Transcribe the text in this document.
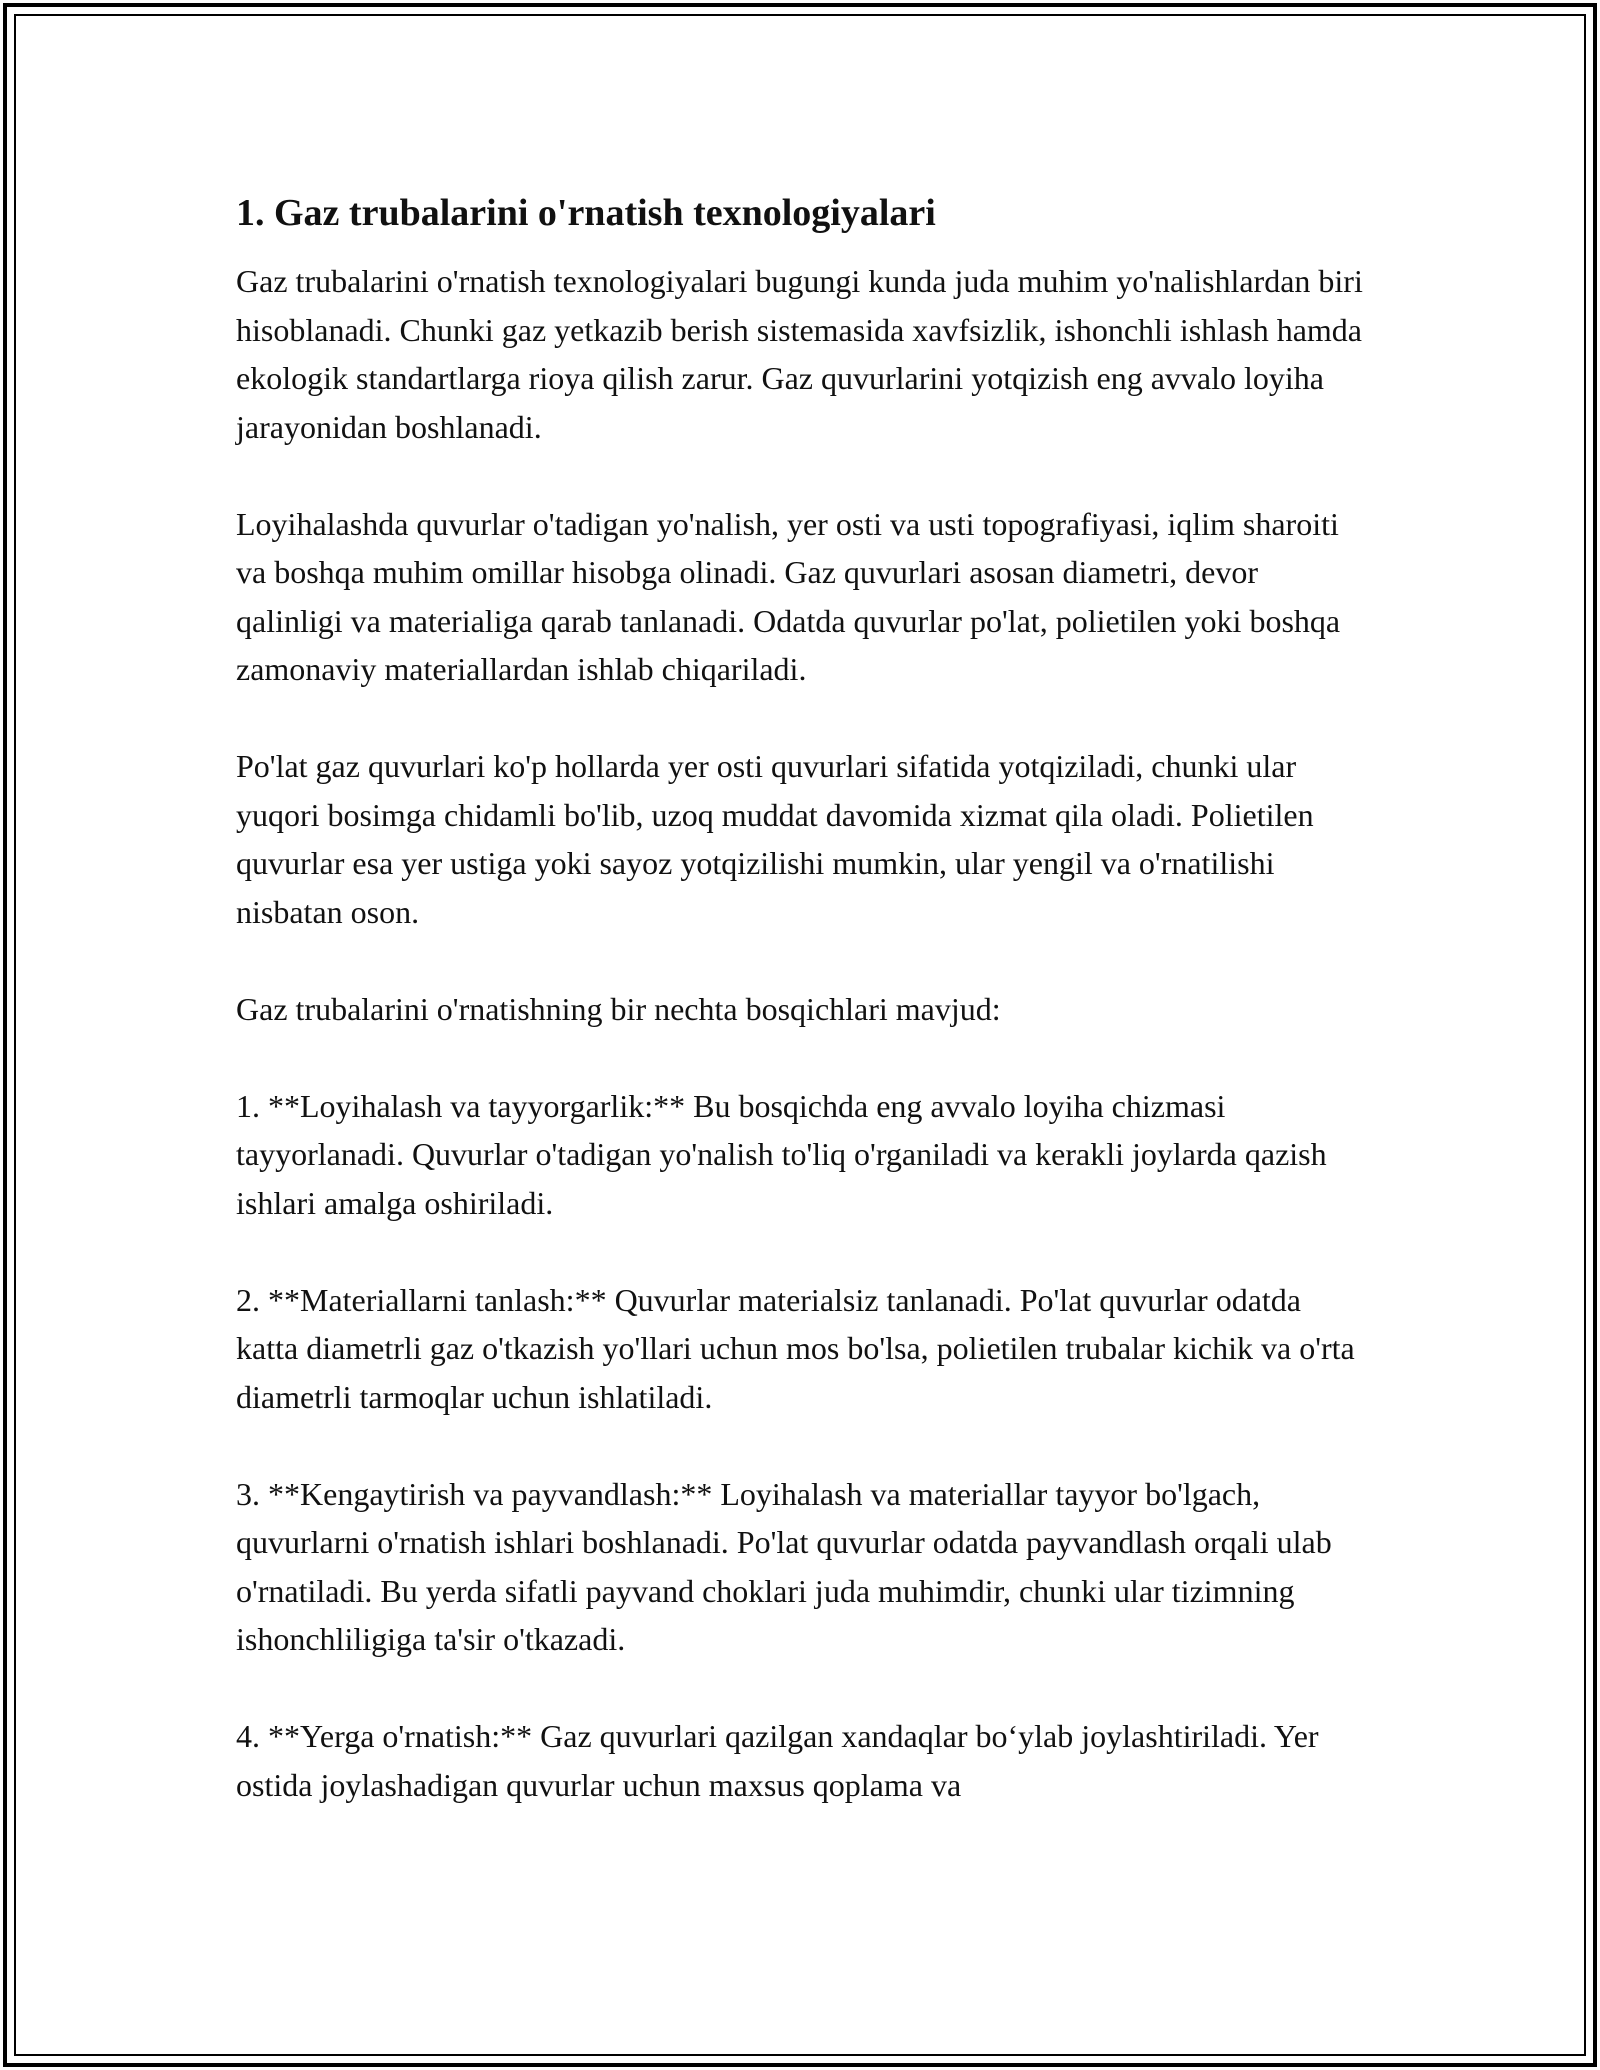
1. Gaz trubalarini o'rnatish texnologiyalari

Gaz trubalarini o'rnatish texnologiyalari bugungi kunda juda muhim yo'nalishlardan biri hisoblanadi. Chunki gaz yetkazib berish sistemasida xavfsizlik, ishonchli ishlash hamda ekologik standartlarga rioya qilish zarur. Gaz quvurlarini yotqizish eng avvalo loyiha jarayonidan boshlanadi.

Loyihalashda quvurlar o'tadigan yo'nalish, yer osti va usti topografiyasi, iqlim sharoiti va boshqa muhim omillar hisobga olinadi. Gaz quvurlari asosan diametri, devor qalinligi va materialiga qarab tanlanadi. Odatda quvurlar po'lat, polietilen yoki boshqa zamonaviy materiallardan ishlab chiqariladi.

Po'lat gaz quvurlari ko'p hollarda yer osti quvurlari sifatida yotqiziladi, chunki ular yuqori bosimga chidamli bo'lib, uzoq muddat davomida xizmat qila oladi. Polietilen quvurlar esa yer ustiga yoki sayoz yotqizilishi mumkin, ular yengil va o'rnatilishi nisbatan oson.

Gaz trubalarini o'rnatishning bir nechta bosqichlari mavjud:

1. **Loyihalash va tayyorgarlik:** Bu bosqichda eng avvalo loyiha chizmasi tayyorlanadi. Quvurlar o'tadigan yo'nalish to'liq o'rganiladi va kerakli joylarda qazish ishlari amalga oshiriladi.

2. **Materiallarni tanlash:** Quvurlar materialsiz tanlanadi. Po'lat quvurlar odatda katta diametrli gaz o'tkazish yo'llari uchun mos bo'lsa, polietilen trubalar kichik va o'rta diametrli tarmoqlar uchun ishlatiladi.

3. **Kengaytirish va payvandlash:** Loyihalash va materiallar tayyor bo'lgach, quvurlarni o'rnatish ishlari boshlanadi. Po'lat quvurlar odatda payvandlash orqali ulab o'rnatiladi. Bu yerda sifatli payvand choklari juda muhimdir, chunki ular tizimning ishonchliligiga ta'sir o'tkazadi.

4. **Yerga o'rnatish:** Gaz quvurlari qazilgan xandaqlar bo‘ylab joylashtiriladi. Yer ostida joylashadigan quvurlar uchun maxsus qoplama va
